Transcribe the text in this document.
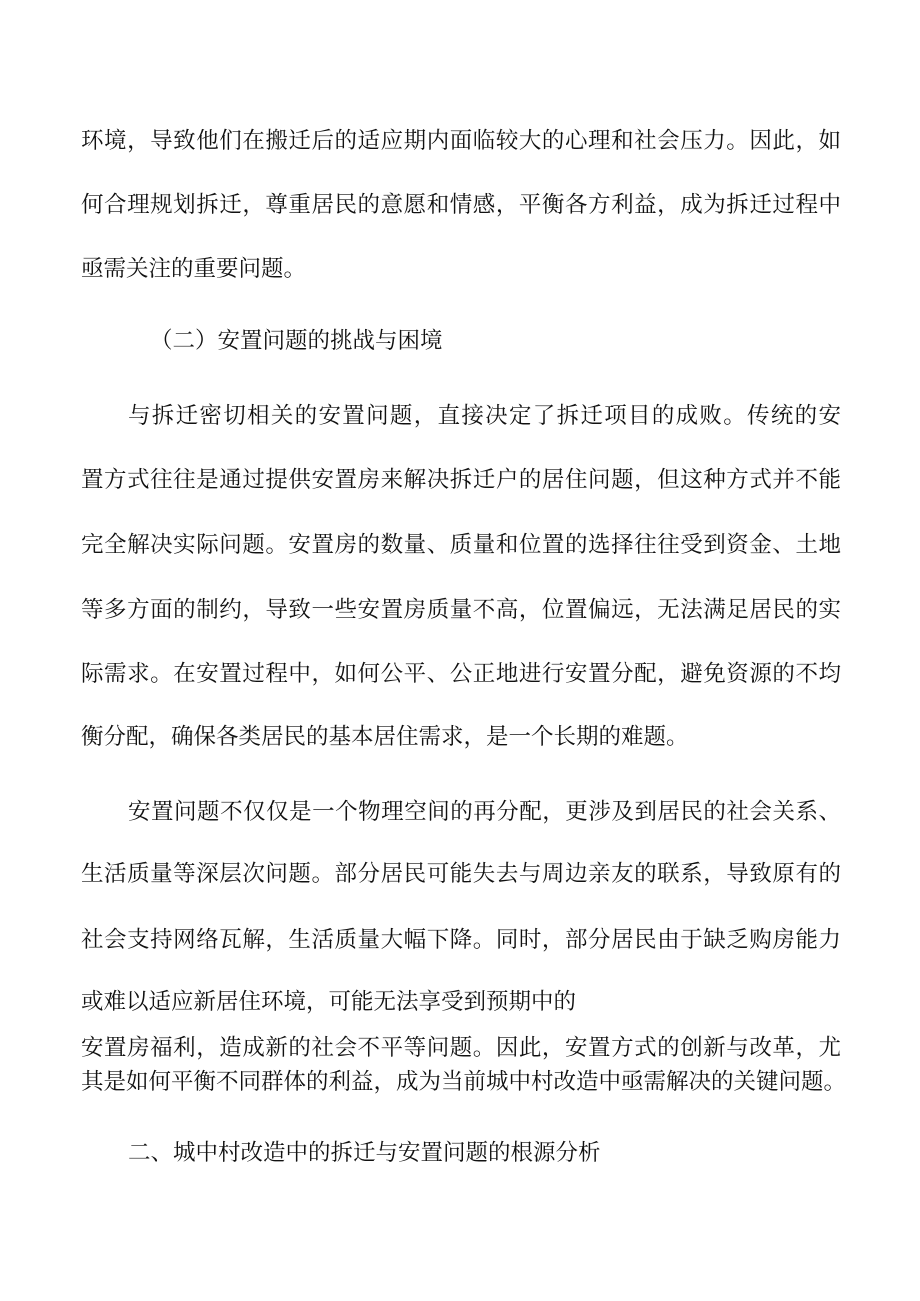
环境，导致他们在搬迁后的适应期内面临较大的心理和社会压力。因此，如
何合理规划拆迁，尊重居民的意愿和情感，平衡各方利益，成为拆迁过程中
亟需关注的重要问题。
（二）安置问题的挑战与困境
与拆迁密切相关的安置问题，直接决定了拆迁项目的成败。传统的安
置方式往往是通过提供安置房来解决拆迁户的居住问题，但这种方式并不能
完全解决实际问题。安置房的数量、质量和位置的选择往往受到资金、土地
等多方面的制约，导致一些安置房质量不高，位置偏远，无法满足居民的实
际需求。在安置过程中，如何公平、公正地进行安置分配，避免资源的不均
衡分配，确保各类居民的基本居住需求，是一个长期的难题。
安置问题不仅仅是一个物理空间的再分配，更涉及到居民的社会关系、
生活质量等深层次问题。部分居民可能失去与周边亲友的联系，导致原有的
社会支持网络瓦解，生活质量大幅下降。同时，部分居民由于缺乏购房能力
或难以适应新居住环境，可能无法享受到预期中的
安置房福利，造成新的社会不平等问题。因此，安置方式的创新与改革，尤
其是如何平衡不同群体的利益，成为当前城中村改造中亟需解决的关键问题。
二、城中村改造中的拆迁与安置问题的根源分析
